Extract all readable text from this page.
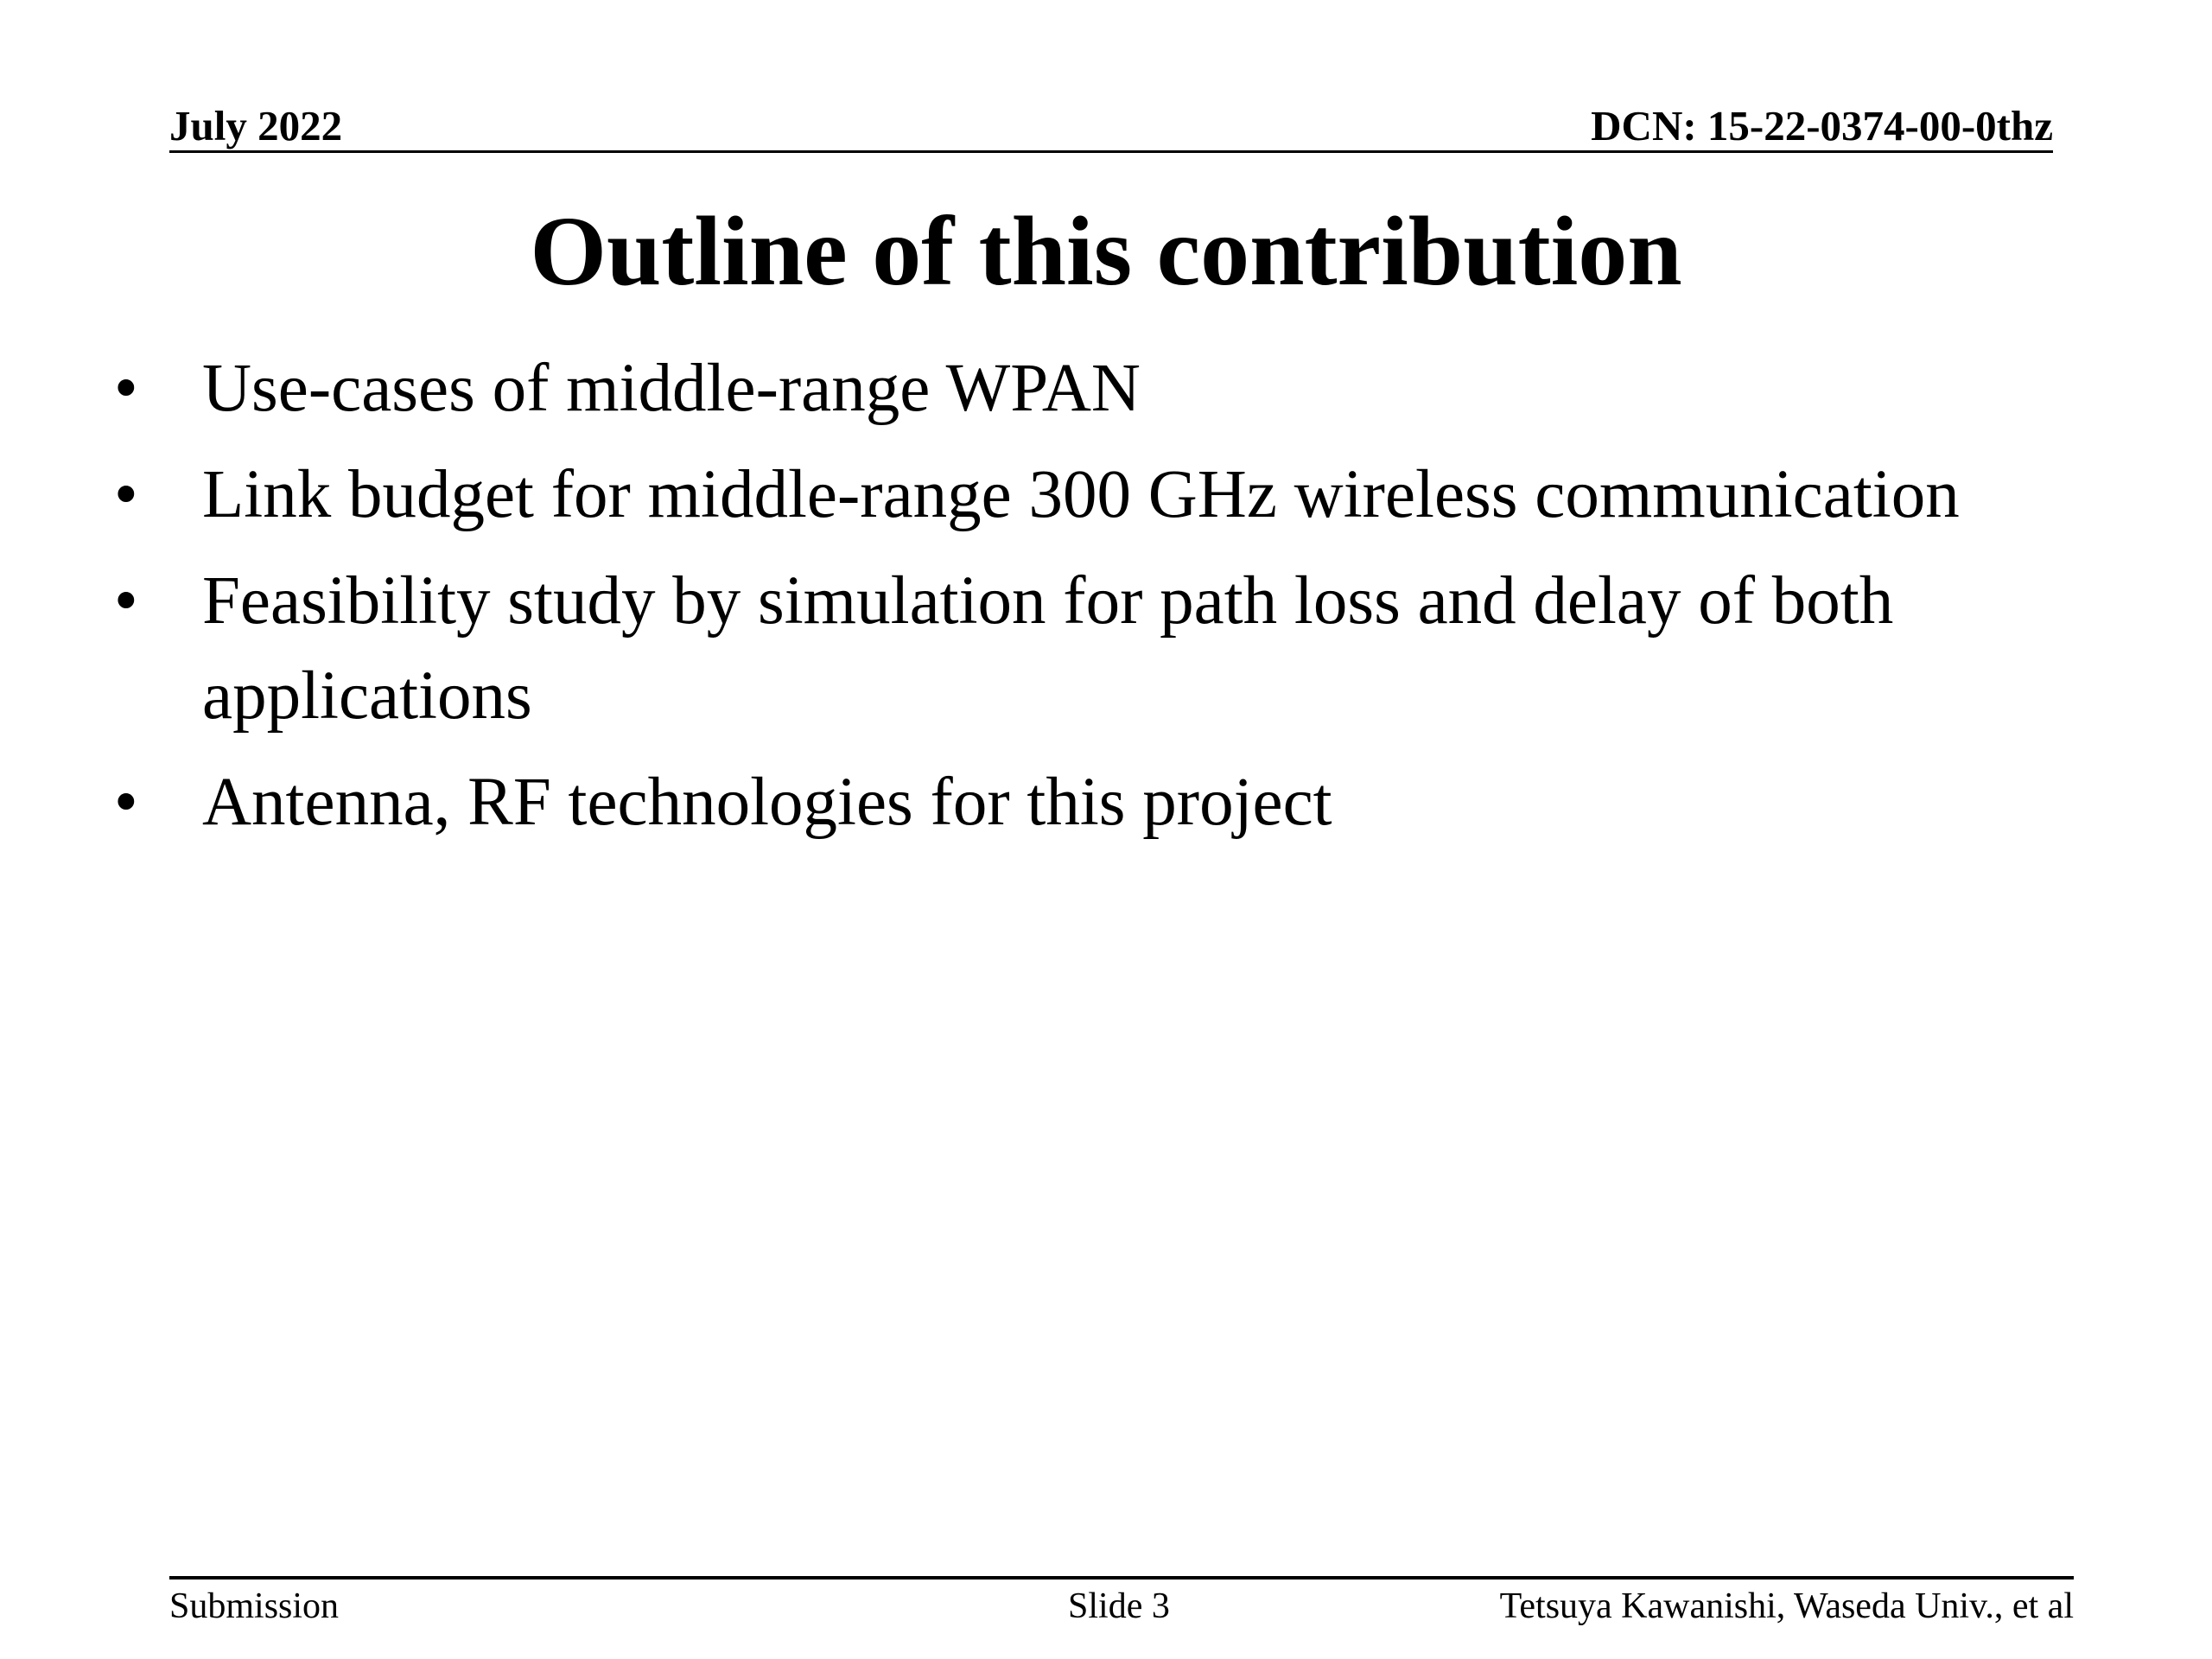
July 2022	DCN: 15-22-0374-00-0thz
Outline of this contribution
• Use-cases of middle-range WPAN
• Link budget for middle-range 300 GHz wireless communication
• Feasibility study by simulation for path loss and delay of both applications
• Antenna, RF technologies for this project
Submission	Slide 3	Tetsuya Kawanishi, Waseda Univ., et al
